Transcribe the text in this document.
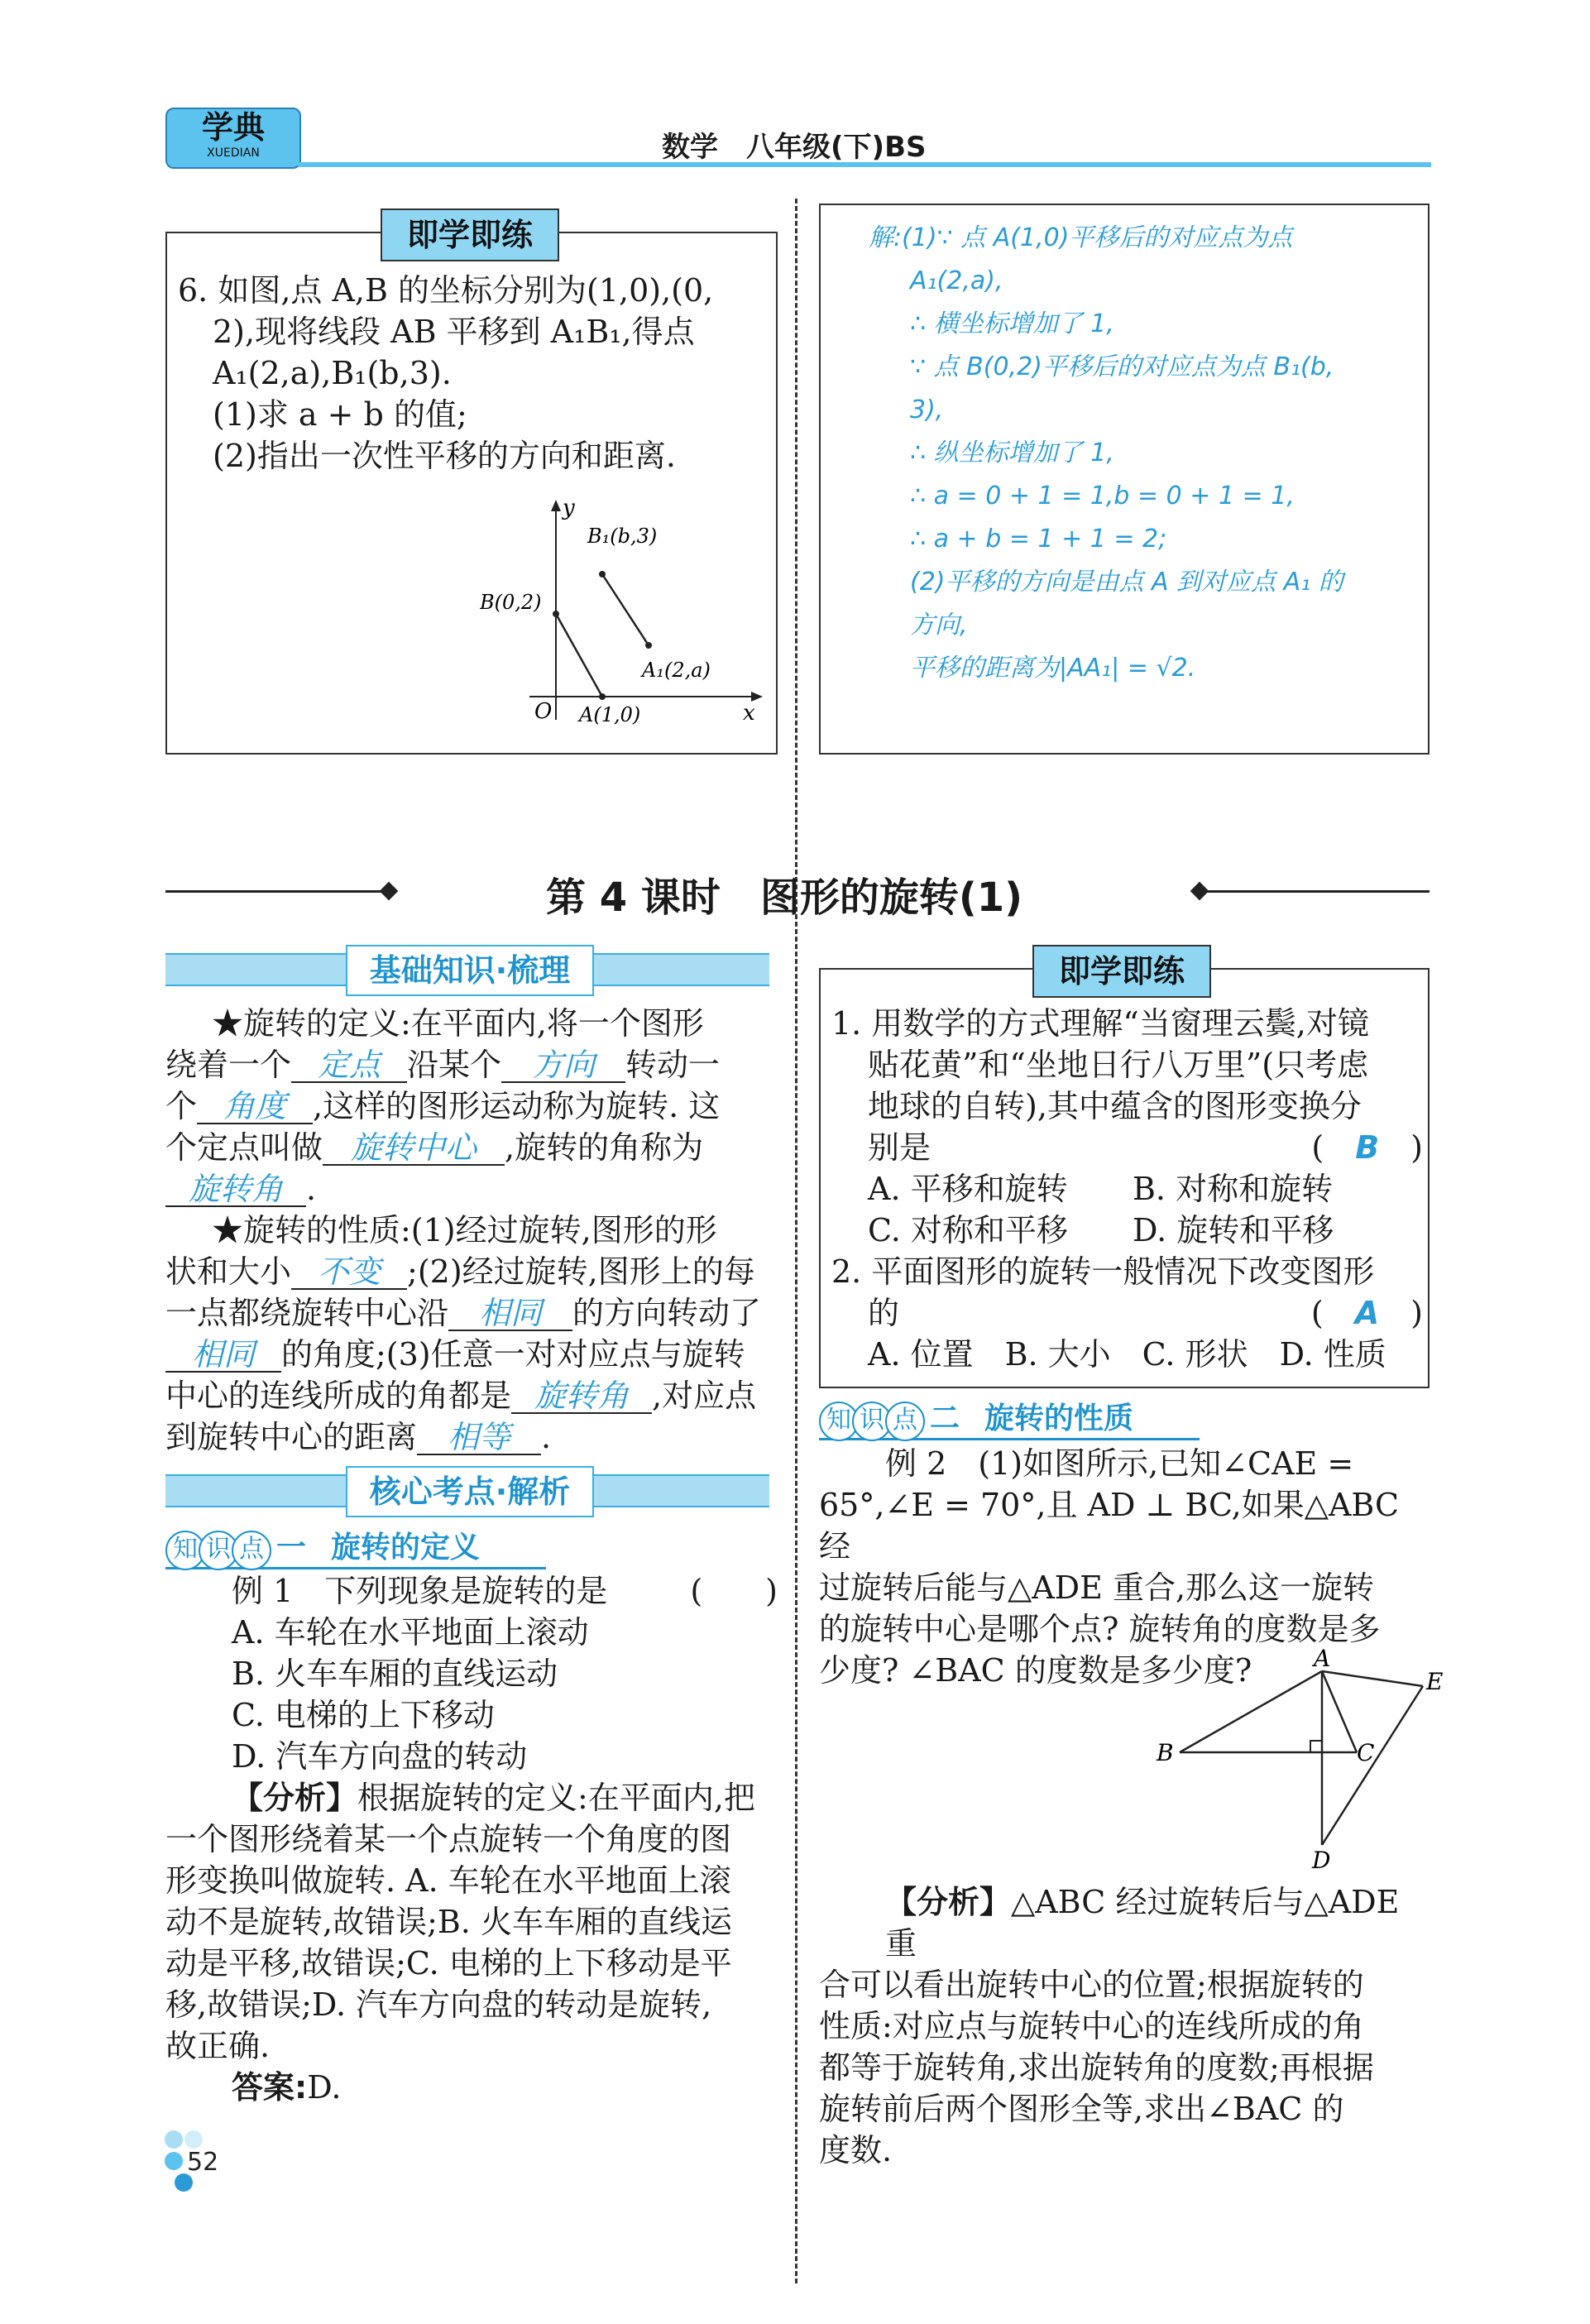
学典
XUEDIAN	数学　八年级(下)BS
即学即练
6. 如图,点 A,B 的坐标分别为(1,0),(0,
2),现将线段 AB 平移到 A₁B₁,得点
A₁(2,a),B₁(b,3).
(1)求 a + b 的值;
(2)指出一次性平移的方向和距离.
y
x
O
B₁(b,3)
B(0,2)
A₁(2,a)
A(1,0)
解:(1)∵ 点 A(1,0)平移后的对应点为点
A₁(2,a),
∴ 横坐标增加了 1,
∵ 点 B(0,2)平移后的对应点为点 B₁(b,
3),
∴ 纵坐标增加了 1,
∴ a = 0 + 1 = 1,b = 0 + 1 = 1,
∴ a + b = 1 + 1 = 2;
(2)平移的方向是由点 A 到对应点 A₁ 的
方向,
平移的距离为|AA₁| = √2.
第 4 课时　图形的旋转(1)
基础知识·梳理
★旋转的定义:在平面内,将一个图形
绕着一个 定点 沿某个 方向 转动一
个 角度 ,这样的图形运动称为旋转. 这
个定点叫做 旋转中心 ,旋转的角称为
旋转角 .
★旋转的性质:(1)经过旋转,图形的形
状和大小 不变 ;(2)经过旋转,图形上的每
一点都绕旋转中心沿 相同 的方向转动了
相同 的角度;(3)任意一对对应点与旋转
中心的连线所成的角都是 旋转角 ,对应点
到旋转中心的距离 相等 .
核心考点·解析
知 识 点 一 旋转的定义
例 1　下列现象是旋转的是	(　　)
A. 车轮在水平地面上滚动
B. 火车车厢的直线运动
C. 电梯的上下移动
D. 汽车方向盘的转动
【分析】根据旋转的定义:在平面内,把
一个图形绕着某一个点旋转一个角度的图
形变换叫做旋转. A. 车轮在水平地面上滚
动不是旋转,故错误;B. 火车车厢的直线运
动是平移,故错误;C. 电梯的上下移动是平
移,故错误;D. 汽车方向盘的转动是旋转,
故正确.
答案:D.
即学即练
1. 用数学的方式理解“当窗理云鬓,对镜
贴花黄”和“坐地日行八万里”(只考虑
地球的自转),其中蕴含的图形变换分
别是	(　B　)
A. 平移和旋转 B. 对称和旋转
C. 对称和平移 D. 旋转和平移
2. 平面图形的旋转一般情况下改变图形
的	(　A　)
A. 位置　B. 大小　C. 形状　D. 性质
知 识 点 二 旋转的性质
例 2　(1)如图所示,已知∠CAE =
65°,∠E = 70°,且 AD ⊥ BC,如果△ABC 经
过旋转后能与△ADE 重合,那么这一旋转
的旋转中心是哪个点? 旋转角的度数是多
少度? ∠BAC 的度数是多少度?	A
B	C
D
E
【分析】△ABC 经过旋转后与△ADE 重
合可以看出旋转中心的位置;根据旋转的
性质:对应点与旋转中心的连线所成的角
都等于旋转角,求出旋转角的度数;再根据
旋转前后两个图形全等,求出∠BAC 的
度数.
52
